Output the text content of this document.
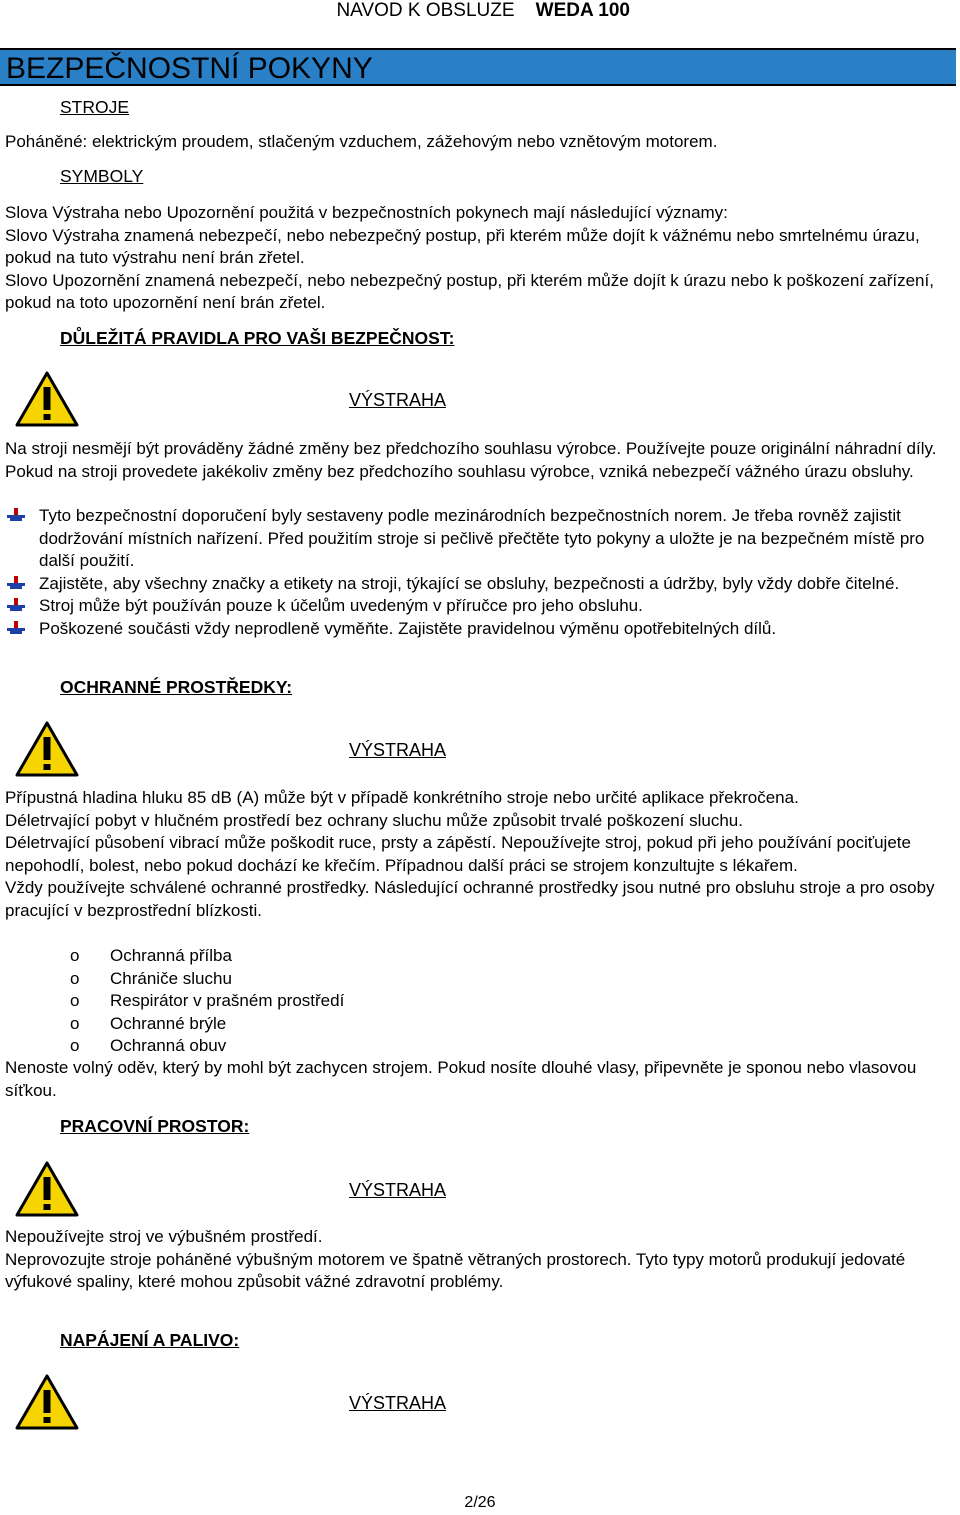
NAVOD K OBSLUZE WEDA 100
BEZPEČNOSTNÍ POKYNY
STROJE
Poháněné: elektrickým proudem, stlačeným vzduchem, zážehovým nebo vznětovým motorem.
SYMBOLY
Slova Výstraha nebo Upozornění použitá v bezpečnostních pokynech mají následující významy:
Slovo Výstraha znamená nebezpečí, nebo nebezpečný postup, při kterém může dojít k vážnému nebo smrtelnému úrazu, pokud na tuto výstrahu není brán zřetel.
Slovo Upozornění znamená nebezpečí, nebo nebezpečný postup, při kterém může dojít k úrazu nebo k poškození zařízení, pokud na toto upozornění není brán zřetel.
DŮLEŽITÁ PRAVIDLA PRO VAŠI BEZPEČNOST:
VÝSTRAHA
Na stroji nesmějí být prováděny žádné změny bez předchozího souhlasu výrobce. Používejte pouze originální náhradní díly. Pokud na stroji provedete jakékoliv změny bez předchozího souhlasu výrobce, vzniká nebezpečí vážného úrazu obsluhy.
Tyto bezpečnostní doporučení byly sestaveny podle mezinárodních bezpečnostních norem. Je třeba rovněž zajistit dodržování místních nařízení. Před použitím stroje si pečlivě přečtěte tyto pokyny a uložte je na bezpečném místě pro další použití.
Zajistěte, aby všechny značky a etikety na stroji, týkající se obsluhy, bezpečnosti a údržby, byly vždy dobře čitelné.
Stroj může být používán pouze k účelům uvedeným v příručce pro jeho obsluhu.
Poškozené součásti vždy neprodleně vyměňte. Zajistěte pravidelnou výměnu opotřebitelných dílů.
OCHRANNÉ PROSTŘEDKY:
VÝSTRAHA
Přípustná hladina hluku 85 dB (A) může být v případě konkrétního stroje nebo určité aplikace překročena.
Déletrvající pobyt v hlučném prostředí bez ochrany sluchu může způsobit trvalé poškození sluchu.
Déletrvající působení vibrací může poškodit ruce, prsty a zápěstí. Nepoužívejte stroj, pokud při jeho používání pociťujete nepohodlí, bolest, nebo pokud dochází ke křečím. Případnou další práci se strojem konzultujte s lékařem.
Vždy používejte schválené ochranné prostředky. Následující ochranné prostředky jsou nutné pro obsluhu stroje a pro osoby pracující v bezprostřední blízkosti.
o Ochranná přílba
o Chrániče sluchu
o Respirátor v prašném prostředí
o Ochranné brýle
o Ochranná obuv
Nenoste volný oděv, který by mohl být zachycen strojem. Pokud nosíte dlouhé vlasy, připevněte je sponou nebo vlasovou síťkou.
PRACOVNÍ PROSTOR:
VÝSTRAHA
Nepoužívejte stroj ve výbušném prostředí.
Neprovozujte stroje poháněné výbušným motorem ve špatně větraných prostorech. Tyto typy motorů produkují jedovaté výfukové spaliny, které mohou způsobit vážné zdravotní problémy.
NAPÁJENÍ A PALIVO:
VÝSTRAHA
2/26
